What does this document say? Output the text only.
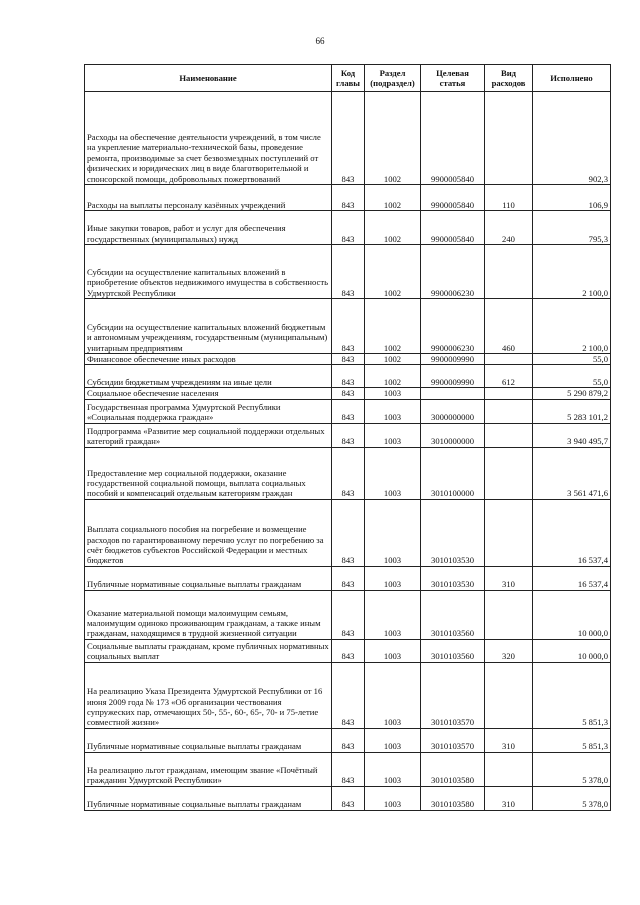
66
Наименование	Код главы	Раздел (подраздел)	Целевая статья	Вид расходов	Исполнено
Расходы на обеспечение деятельности учреждений, в том числе на укрепление материально-технической базы, проведение ремонта, производимые за счет безвозмездных поступлений от физических и юридических лиц в виде благотворительной и спонсорской помощи, добровольных пожертвований	843	1002	9900005840		902,3
Расходы на выплаты персоналу казённых учреждений	843	1002	9900005840	110	106,9
Иные закупки товаров, работ и услуг для обеспечения государственных (муниципальных) нужд	843	1002	9900005840	240	795,3
Субсидии на осуществление капитальных вложений в приобретение объектов недвижимого имущества в собственность Удмуртской Республики	843	1002	9900006230		2 100,0
Субсидии на осуществление капитальных вложений бюджетным и автономным учреждениям, государственным (муниципальным) унитарным предприятиям	843	1002	9900006230	460	2 100,0
Финансовое обеспечение иных расходов	843	1002	9900009990		55,0
Субсидии бюджетным учреждениям на иные цели	843	1002	9900009990	612	55,0
Социальное обеспечение населения	843	1003			5 290 879,2
Государственная программа Удмуртской Республики «Социальная поддержка граждан»	843	1003	3000000000		5 283 101,2
Подпрограмма «Развитие мер социальной поддержки отдельных категорий граждан»	843	1003	3010000000		3 940 495,7
Предоставление мер социальной поддержки, оказание государственной социальной помощи, выплата социальных пособий и компенсаций отдельным категориям граждан	843	1003	3010100000		3 561 471,6
Выплата социального пособия на погребение и возмещение расходов по гарантированному перечню услуг по погребению за счёт бюджетов субъектов Российской Федерации и местных бюджетов	843	1003	3010103530		16 537,4
Публичные нормативные социальные выплаты гражданам	843	1003	3010103530	310	16 537,4
Оказание материальной помощи малоимущим семьям, малоимущим одиноко проживающим гражданам, а также иным гражданам, находящимся в трудной жизненной ситуации	843	1003	3010103560		10 000,0
Социальные выплаты гражданам, кроме публичных нормативных социальных выплат	843	1003	3010103560	320	10 000,0
На реализацию Указа Президента Удмуртской Республики от 16 июня 2009 года № 173 «Об организации чествования супружеских пар, отмечающих 50-, 55-, 60-, 65-, 70- и 75-летие совместной жизни»	843	1003	3010103570		5 851,3
Публичные нормативные социальные выплаты гражданам	843	1003	3010103570	310	5 851,3
На реализацию льгот гражданам, имеющим звание «Почётный гражданин Удмуртской Республики»	843	1003	3010103580		5 378,0
Публичные нормативные социальные выплаты гражданам	843	1003	3010103580	310	5 378,0
